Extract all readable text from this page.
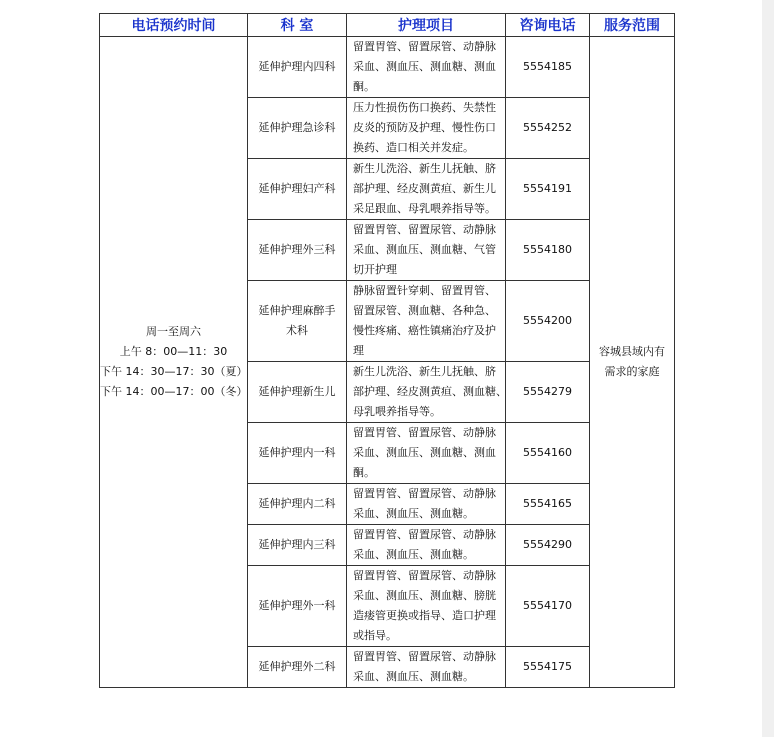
电话预约时间	科 室	护理项目	咨询电话	服务范围

周一至周六
上午 8：00—11：30
下午 14：30—17：30（夏）
下午 14：00—17：00（冬）	延伸护理内四科	留置胃管、留置尿管、动静脉
采血、测血压、测血糖、测血
酮。	5554185	容城县域内有
需求的家庭

	延伸护理急诊科	压力性损伤伤口换药、失禁性
皮炎的预防及护理、慢性伤口
换药、造口相关并发症。	5554252	

	延伸护理妇产科	新生儿洗浴、新生儿抚触、脐
部护理、经皮测黄疸、新生儿
采足跟血、母乳喂养指导等。	5554191	

	延伸护理外三科	留置胃管、留置尿管、动静脉
采血、测血压、测血糖、气管
切开护理	5554180	

	延伸护理麻醉手
术科	静脉留置针穿刺、留置胃管、
留置尿管、测血糖、各种急、
慢性疼痛、癌性镇痛治疗及护
理	5554200	

	延伸护理新生儿	新生儿洗浴、新生儿抚触、脐
部护理、经皮测黄疸、测血糖、
母乳喂养指导等。	5554279	

	延伸护理内一科	留置胃管、留置尿管、动静脉
采血、测血压、测血糖、测血
酮。	5554160	

	延伸护理内二科	留置胃管、留置尿管、动静脉
采血、测血压、测血糖。	5554165	

	延伸护理内三科	留置胃管、留置尿管、动静脉
采血、测血压、测血糖。	5554290	

	延伸护理外一科	留置胃管、留置尿管、动静脉
采血、测血压、测血糖、膀胱
造瘘管更换或指导、造口护理
或指导。	5554170	

	延伸护理外二科	留置胃管、留置尿管、动静脉
采血、测血压、测血糖。	5554175	
